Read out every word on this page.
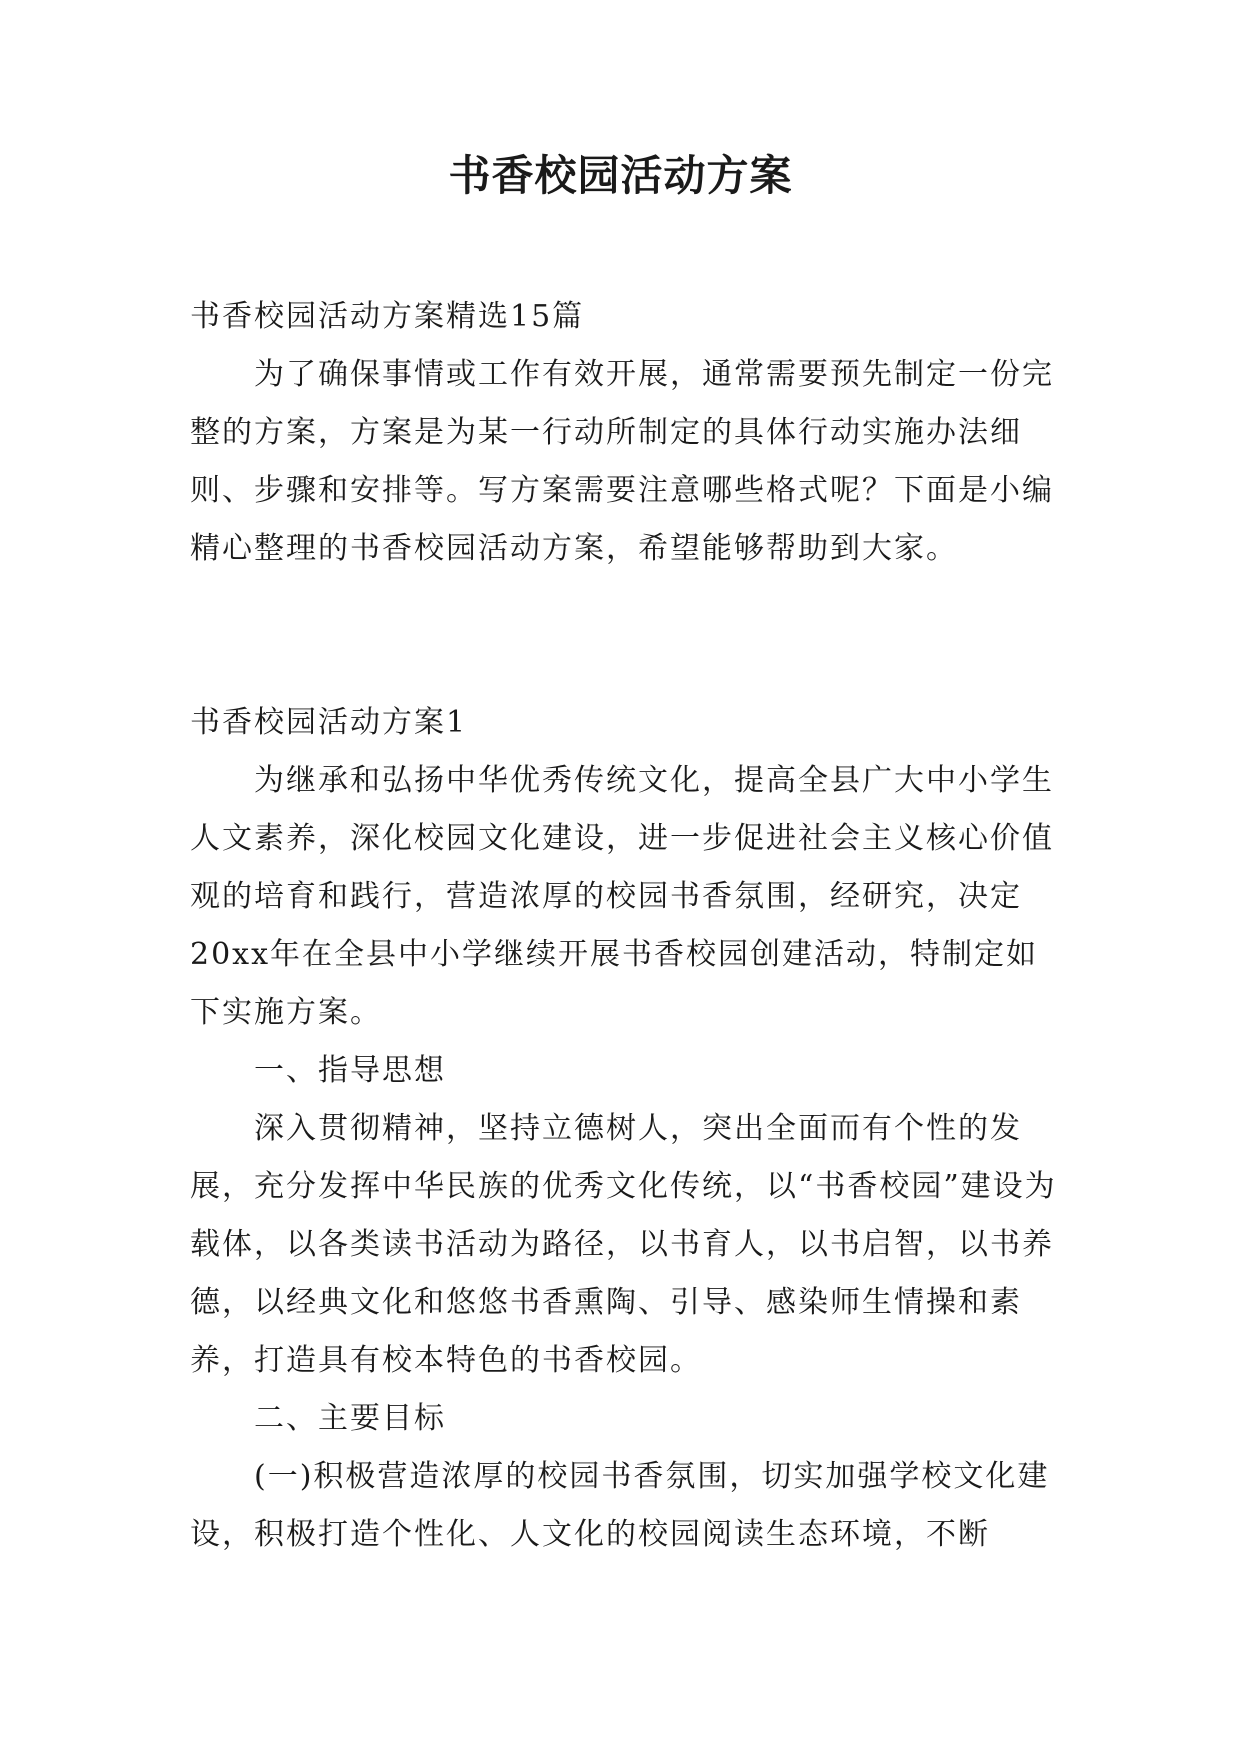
书香校园活动方案

书香校园活动方案精选15篇

为了确保事情或工作有效开展，通常需要预先制定一份完整的方案，方案是为某一行动所制定的具体行动实施办法细则、步骤和安排等。写方案需要注意哪些格式呢？下面是小编精心整理的书香校园活动方案，希望能够帮助到大家。

书香校园活动方案1

为继承和弘扬中华优秀传统文化，提高全县广大中小学生人文素养，深化校园文化建设，进一步促进社会主义核心价值观的培育和践行，营造浓厚的校园书香氛围，经研究，决定20xx年在全县中小学继续开展书香校园创建活动，特制定如下实施方案。

一、指导思想

深入贯彻精神，坚持立德树人，突出全面而有个性的发展，充分发挥中华民族的优秀文化传统，以“书香校园”建设为载体，以各类读书活动为路径，以书育人，以书启智，以书养德，以经典文化和悠悠书香熏陶、引导、感染师生情操和素养，打造具有校本特色的书香校园。

二、主要目标

(一)积极营造浓厚的校园书香氛围，切实加强学校文化建设，积极打造个性化、人文化的校园阅读生态环境，不断
